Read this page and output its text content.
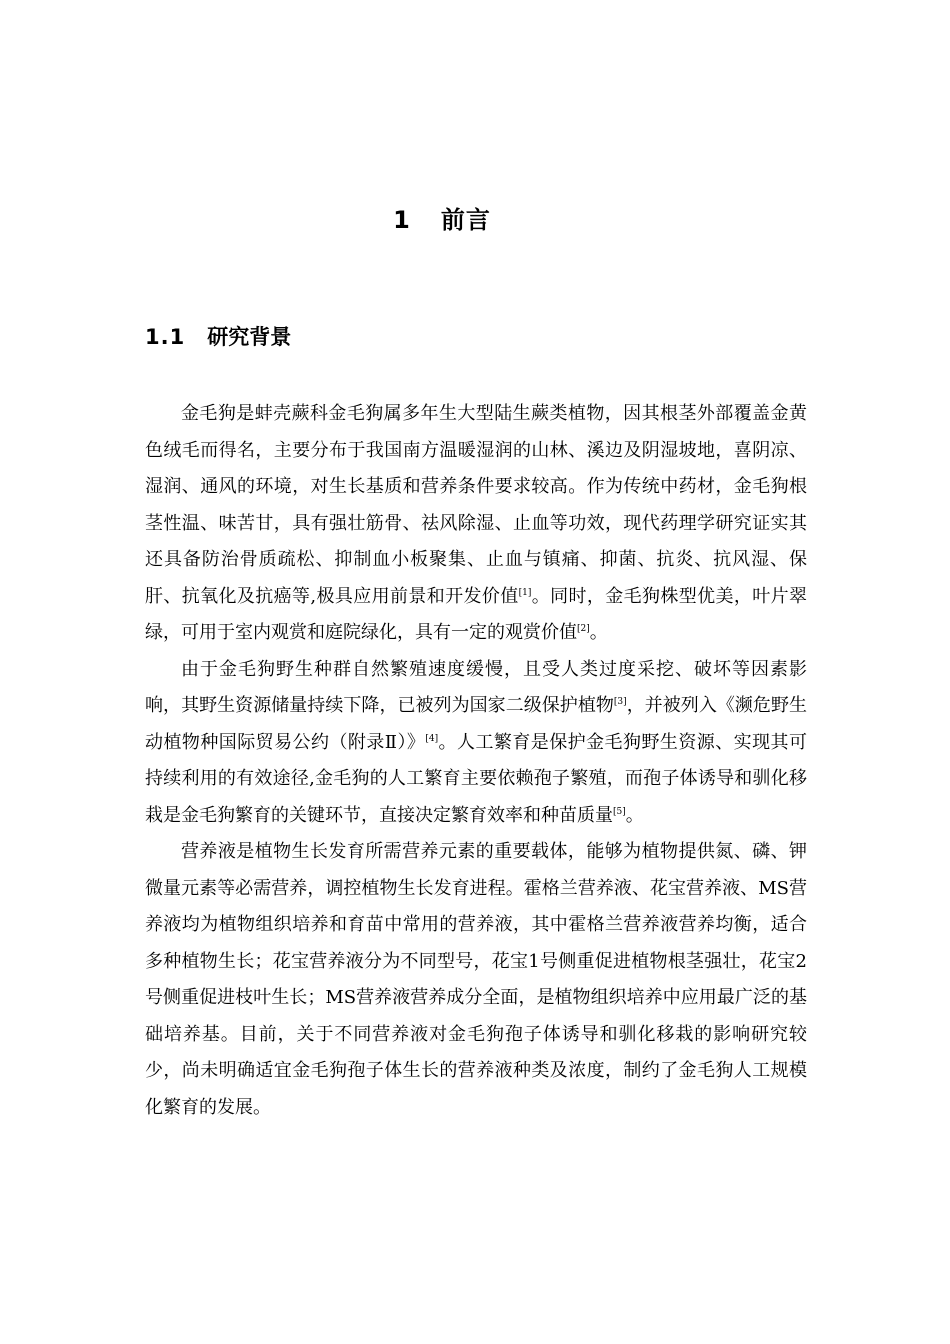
1 前言
1.1 研究背景

金毛狗是蚌壳蕨科金毛狗属多年生大型陆生蕨类植物，因其根茎外部覆盖金黄色绒毛而得名，主要分布于我国南方温暖湿润的山林、溪边及阴湿坡地，喜阴凉、湿润、通风的环境，对生长基质和营养条件要求较高。作为传统中药材，金毛狗根茎性温、味苦甘，具有强壮筋骨、祛风除湿、止血等功效，现代药理学研究证实其还具备防治骨质疏松、抑制血小板聚集、止血与镇痛、抑菌、抗炎、抗风湿、保肝、抗氧化及抗癌等,极具应用前景和开发价值[1]。同时，金毛狗株型优美，叶片翠绿，可用于室内观赏和庭院绿化，具有一定的观赏价值[2]。

由于金毛狗野生种群自然繁殖速度缓慢，且受人类过度采挖、破坏等因素影响，其野生资源储量持续下降，已被列为国家二级保护植物[3]，并被列入《濒危野生动植物种国际贸易公约（附录Ⅱ）》[4]。人工繁育是保护金毛狗野生资源、实现其可持续利用的有效途径,金毛狗的人工繁育主要依赖孢子繁殖，而孢子体诱导和驯化移栽是金毛狗繁育的关键环节，直接决定繁育效率和种苗质量[5]。

营养液是植物生长发育所需营养元素的重要载体，能够为植物提供氮、磷、钾微量元素等必需营养，调控植物生长发育进程。霍格兰营养液、花宝营养液、MS营养液均为植物组织培养和育苗中常用的营养液，其中霍格兰营养液营养均衡，适合多种植物生长；花宝营养液分为不同型号，花宝1号侧重促进植物根茎强壮，花宝2号侧重促进枝叶生长；MS营养液营养成分全面，是植物组织培养中应用最广泛的基础培养基。目前，关于不同营养液对金毛狗孢子体诱导和驯化移栽的影响研究较少，尚未明确适宜金毛狗孢子体生长的营养液种类及浓度，制约了金毛狗人工规模化繁育的发展。
